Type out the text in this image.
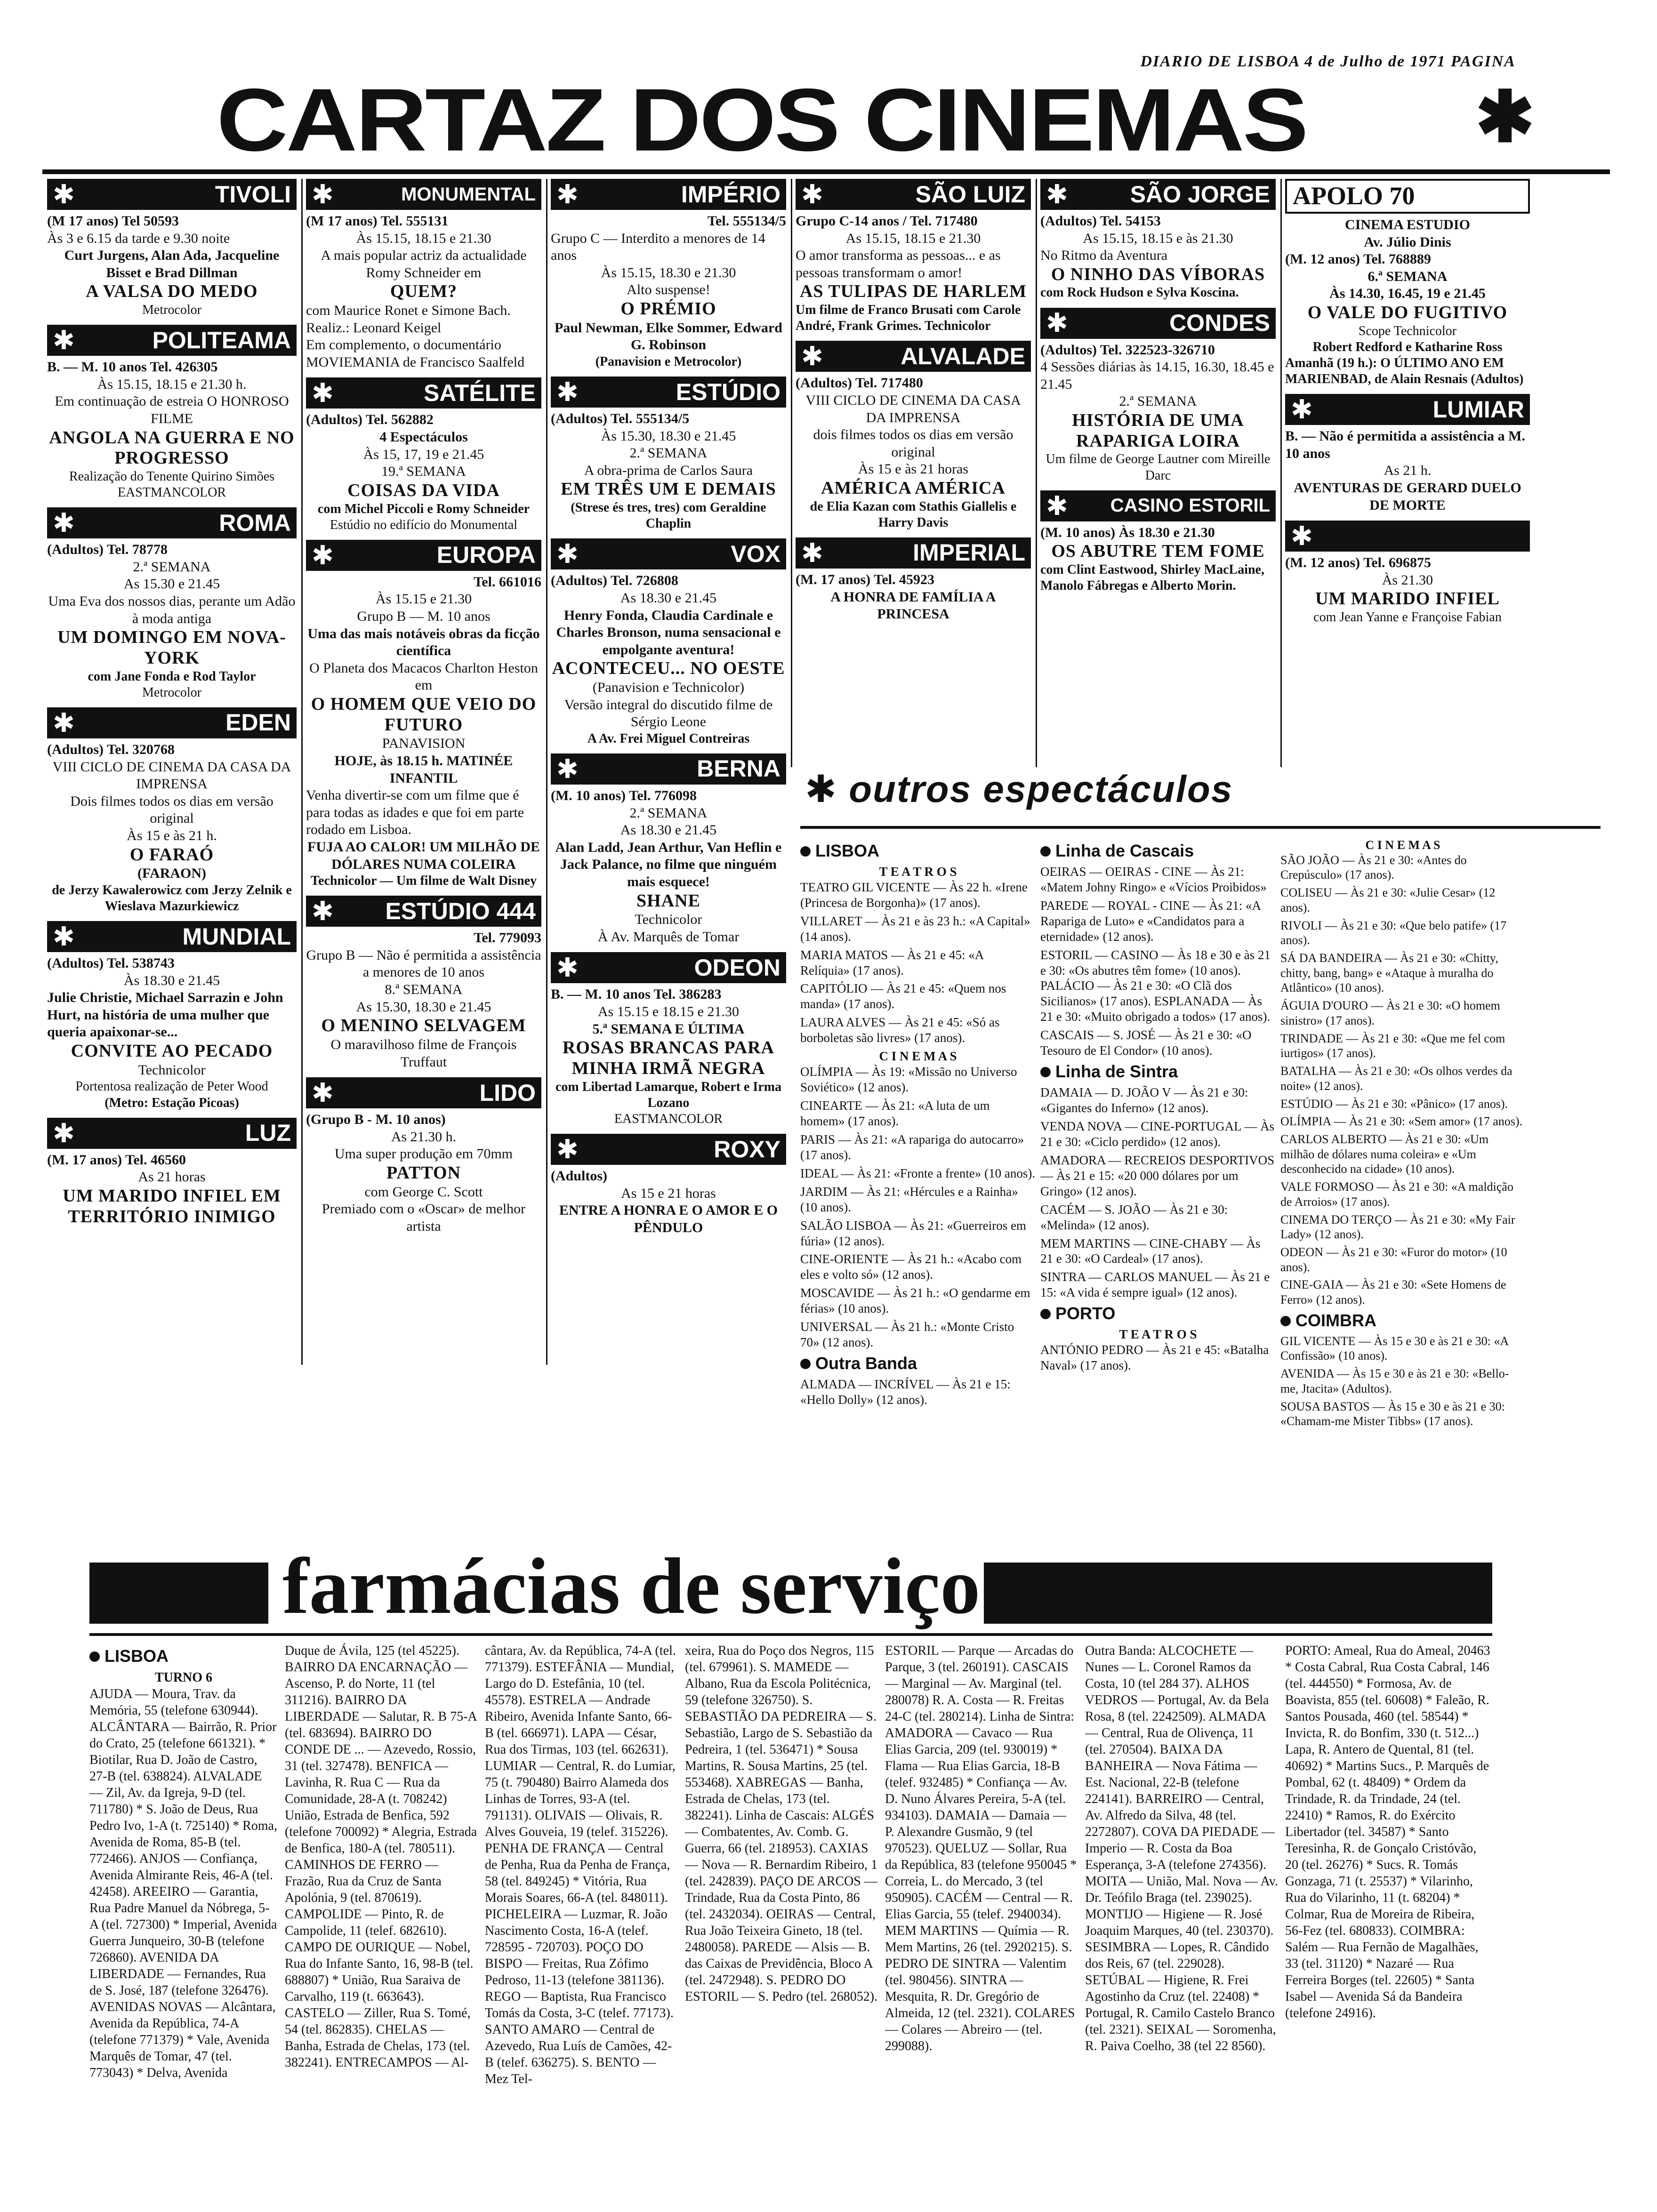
DIARIO DE LISBOA 4 de Julho de 1971 PAGINA
CARTAZ DOS CINEMAS ✱
✱	TIVOLI
(M 17 anos) Tel 50593
Às 3 e 6.15 da tarde e 9.30 noite
Curt Jurgens, Alan Ada, Jacqueline Bisset e Brad Dillman
A VALSA DO MEDO
Metrocolor
✱	POLITEAMA
B. — M. 10 anos Tel. 426305
Às 15.15, 18.15 e 21.30 h.
Em continuação de estreia O HONROSO FILME
ANGOLA NA GUERRA E NO PROGRESSO
Realização do Tenente Quirino Simões
EASTMANCOLOR
✱	ROMA
(Adultos) Tel. 78778
2.ª SEMANA
As 15.30 e 21.45
Uma Eva dos nossos dias, perante um Adão à moda antiga
UM DOMINGO EM NOVA-YORK
com Jane Fonda e Rod Taylor
Metrocolor
✱	EDEN
(Adultos) Tel. 320768
VIII CICLO DE CINEMA DA CASA DA IMPRENSA
Dois filmes todos os dias em versão original
Às 15 e às 21 h.
O FARAÓ
(FARAON)
de Jerzy Kawalerowicz com Jerzy Zelnik e Wieslava Mazurkiewicz
✱	MUNDIAL
(Adultos) Tel. 538743
Às 18.30 e 21.45
Julie Christie, Michael Sarrazin e John Hurt, na história de uma mulher que queria apaixonar-se...
CONVITE AO PECADO
Technicolor
Portentosa realização de Peter Wood
(Metro: Estação Picoas)
✱	LUZ
(M. 17 anos) Tel. 46560
As 21 horas
UM MARIDO INFIEL EM TERRITÓRIO INIMIGO
✱	MONUMENTAL
(M 17 anos) Tel. 555131
Às 15.15, 18.15 e 21.30
A mais popular actriz da actualidade Romy Schneider em
QUEM?
com Maurice Ronet e Simone Bach. Realiz.: Leonard Keigel
Em complemento, o documentário MOVIEMANIA de Francisco Saalfeld
✱	SATÉLITE
(Adultos) Tel. 562882
4 Espectáculos
Às 15, 17, 19 e 21.45
19.ª SEMANA
COISAS DA VIDA
com Michel Piccoli e Romy Schneider
Estúdio no edifício do Monumental
✱	EUROPA
Tel. 661016
Às 15.15 e 21.30
Grupo B — M. 10 anos
Uma das mais notáveis obras da ficção científica
O Planeta dos Macacos Charlton Heston em
O HOMEM QUE VEIO DO FUTURO
PANAVISION
HOJE, às 18.15 h. MATINÉE INFANTIL
Venha divertir-se com um filme que é para todas as idades e que foi em parte rodado em Lisboa.
FUJA AO CALOR! UM MILHÃO DE DÓLARES NUMA COLEIRA
Technicolor — Um filme de Walt Disney
✱ ESTÚDIO 444
Tel. 779093
Grupo B — Não é permitida a assistência a menores de 10 anos
8.ª SEMANA
As 15.30, 18.30 e 21.45
O MENINO SELVAGEM
O maravilhoso filme de François Truffaut
✱	LIDO
(Grupo B - M. 10 anos)
As 21.30 h.
Uma super produção em 70mm
PATTON
com George C. Scott
Premiado com o «Oscar» de melhor artista
✱	IMPÉRIO
Tel. 555134/5
Grupo C — Interdito a menores de 14 anos
Às 15.15, 18.30 e 21.30
Alto suspense!
O PRÉMIO
Paul Newman, Elke Sommer, Edward G. Robinson
(Panavision e Metrocolor)
✱	ESTÚDIO
(Adultos) Tel. 555134/5
Às 15.30, 18.30 e 21.45
2.ª SEMANA
A obra-prima de Carlos Saura
EM TRÊS UM E DEMAIS
(Strese és tres, tres) com Geraldine Chaplin
✱	VOX
(Adultos) Tel. 726808
As 18.30 e 21.45
Henry Fonda, Claudia Cardinale e Charles Bronson, numa sensacional e empolgante aventura!
ACONTECEU... NO OESTE
(Panavision e Technicolor)
Versão integral do discutido filme de Sérgio Leone
A Av. Frei Miguel Contreiras
✱	BERNA
(M. 10 anos) Tel. 776098
2.ª SEMANA
As 18.30 e 21.45
Alan Ladd, Jean Arthur, Van Heflin e Jack Palance, no filme que ninguém mais esquece!
SHANE
Technicolor
À Av. Marquês de Tomar
✱	ODEON
B. — M. 10 anos Tel. 386283
As 15.15 e 18.15 e 21.30
5.ª SEMANA E ÚLTIMA
ROSAS BRANCAS PARA MINHA IRMÃ NEGRA
com Libertad Lamarque, Robert e Irma Lozano
EASTMANCOLOR
✱	ROXY
(Adultos)
As 15 e 21 horas
ENTRE A HONRA E O AMOR E O PÊNDULO
✱	SÃO LUIZ
Grupo C-14 anos / Tel. 717480
As 15.15, 18.15 e 21.30
O amor transforma as pessoas... e as pessoas transformam o amor!
AS TULIPAS DE HARLEM
Um filme de Franco Brusati com Carole André, Frank Grimes. Technicolor
✱	ALVALADE
(Adultos) Tel. 717480
VIII CICLO DE CINEMA DA CASA DA IMPRENSA
dois filmes todos os dias em versão original
Às 15 e às 21 horas
AMÉRICA AMÉRICA
de Elia Kazan com Stathis Giallelis e Harry Davis
✱	IMPERIAL
(M. 17 anos) Tel. 45923
A HONRA DE FAMÍLIA A PRINCESA
✱	SÃO JORGE
(Adultos) Tel. 54153
As 15.15, 18.15 e às 21.30
No Ritmo da Aventura
O NINHO DAS VÍBORAS
com Rock Hudson e Sylva Koscina.
✱	CONDES
(Adultos) Tel. 322523-326710
4 Sessões diárias às 14.15, 16.30, 18.45 e 21.45
2.ª SEMANA
HISTÓRIA DE UMA RAPARIGA LOIRA
Um filme de George Lautner com Mireille Darc
✱ CASINO ESTORIL
(M. 10 anos) Às 18.30 e 21.30
OS ABUTRE TEM FOME
com Clint Eastwood, Shirley MacLaine, Manolo Fábregas e Alberto Morin.
APOLO 70
CINEMA ESTUDIO
Av. Júlio Dinis
(M. 12 anos) Tel. 768889
6.ª SEMANA
Às 14.30, 16.45, 19 e 21.45
O VALE DO FUGITIVO
Scope Technicolor
Robert Redford e Katharine Ross
Amanhã (19 h.): O ÚLTIMO ANO EM MARIENBAD, de Alain Resnais (Adultos)
✱	LUMIAR
B. — Não é permitida a assistência a M. 10 anos
As 21 h.
AVENTURAS DE GERARD DUELO DE MORTE
✱
(M. 12 anos) Tel. 696875
Às 21.30
UM MARIDO INFIEL
com Jean Yanne e Françoise Fabian
✱ outros espectáculos
LISBOA
T E A T R O S
TEATRO GIL VICENTE — Às 22 h. «Irene (Princesa de Borgonha)» (17 anos).
VILLARET — Às 21 e às 23 h.: «A Capital» (14 anos).
MARIA MATOS — Às 21 e 45: «A Relíquia» (17 anos).
CAPITÓLIO — Às 21 e 45: «Quem nos manda» (17 anos).
LAURA ALVES — Às 21 e 45: «Só as borboletas são livres» (17 anos).
C I N E M A S
OLÍMPIA — Às 19: «Missão no Universo Soviético» (12 anos).
CINEARTE — Às 21: «A luta de um homem» (17 anos).
PARIS — Às 21: «A rapariga do autocarro» (17 anos).
IDEAL — Às 21: «Fronte a frente» (10 anos).
JARDIM — Às 21: «Hércules e a Rainha» (10 anos).
SALÃO LISBOA — Às 21: «Guerreiros em fúria» (12 anos).
CINE-ORIENTE — Às 21 h.: «Acabo com eles e volto só» (12 anos).
MOSCAVIDE — Às 21 h.: «O gendarme em férias» (10 anos).
UNIVERSAL — Às 21 h.: «Monte Cristo 70» (12 anos).
Outra Banda
ALMADA — INCRÍVEL — Às 21 e 15: «Hello Dolly» (12 anos).
Linha de Cascais
OEIRAS — OEIRAS - CINE — Às 21: «Matem Johny Ringo» e «Vícios Proibidos»
PAREDE — ROYAL - CINE — Às 21: «A Rapariga de Luto» e «Candidatos para a eternidade» (12 anos).
ESTORIL — CASINO — Às 18 e 30 e às 21 e 30: «Os abutres têm fome» (10 anos). PALÁCIO — Às 21 e 30: «O Clã dos Sicilianos» (17 anos). ESPLANADA — Às 21 e 30: «Muito obrigado a todos» (17 anos).
CASCAIS — S. JOSÉ — Às 21 e 30: «O Tesouro de El Condor» (10 anos).
Linha de Sintra
DAMAIA — D. JOÃO V — Às 21 e 30: «Gigantes do Inferno» (12 anos).
VENDA NOVA — CINE-PORTUGAL — Às 21 e 30: «Ciclo perdido» (12 anos).
AMADORA — RECREIOS DESPORTIVOS — Às 21 e 15: «20 000 dólares por um Gringo» (12 anos).
CACÉM — S. JOÃO — Às 21 e 30: «Melinda» (12 anos).
MEM MARTINS — CINE-CHABY — Às 21 e 30: «O Cardeal» (17 anos).
SINTRA — CARLOS MANUEL — Às 21 e 15: «A vida é sempre igual» (12 anos).
PORTO
T E A T R O S
ANTÓNIO PEDRO — Às 21 e 45: «Batalha Naval» (17 anos).
C I N E M A S
SÃO JOÃO — Às 21 e 30: «Antes do Crepúsculo» (17 anos).
COLISEU — Às 21 e 30: «Julie Cesar» (12 anos).
RIVOLI — Às 21 e 30: «Que belo patife» (17 anos).
SÁ DA BANDEIRA — Às 21 e 30: «Chitty, chitty, bang, bang» e «Ataque à muralha do Atlântico» (10 anos).
ÁGUIA D'OURO — Às 21 e 30: «O homem sinistro» (17 anos).
TRINDADE — Às 21 e 30: «Que me fel com iurtigos» (17 anos).
BATALHA — Às 21 e 30: «Os olhos verdes da noite» (12 anos).
ESTÚDIO — Às 21 e 30: «Pânico» (17 anos).
OLÍMPIA — Às 21 e 30: «Sem amor» (17 anos).
CARLOS ALBERTO — Às 21 e 30: «Um milhão de dólares numa coleira» e «Um desconhecido na cidade» (10 anos).
VALE FORMOSO — Às 21 e 30: «A maldição de Arroios» (17 anos).
CINEMA DO TERÇO — Às 21 e 30: «My Fair Lady» (12 anos).
ODEON — Às 21 e 30: «Furor do motor» (10 anos).
CINE-GAIA — Às 21 e 30: «Sete Homens de Ferro» (12 anos).
COIMBRA
GIL VICENTE — Às 15 e 30 e às 21 e 30: «A Confissão» (10 anos).
AVENIDA — Às 15 e 30 e às 21 e 30: «Bello-me, Jtacita» (Adultos).
SOUSA BASTOS — Às 15 e 30 e às 21 e 30: «Chamam-me Mister Tibbs» (17 anos).
farmácias de serviço
LISBOA
TURNO 6
AJUDA — Moura, Trav. da Memória, 55 (telefone 630944). ALCÂNTARA — Bairrão, R. Prior do Crato, 25 (telefone 661321). * Biotilar, Rua D. João de Castro, 27-B (tel. 638824). ALVALADE — Zil, Av. da Igreja, 9-D (tel. 711780) * S. João de Deus, Rua Pedro Ivo, 1-A (t. 725140) * Roma, Avenida de Roma, 85-B (tel. 772466). ANJOS — Confiança, Avenida Almirante Reis, 46-A (tel. 42458). AREEIRO — Garantia, Rua Padre Manuel da Nóbrega, 5-A (tel. 727300) * Imperial, Avenida Guerra Junqueiro, 30-B (telefone 726860). AVENIDA DA LIBERDADE — Fernandes, Rua de S. José, 187 (telefone 326476). AVENIDAS NOVAS — Alcântara, Avenida da República, 74-A (telefone 771379) * Vale, Avenida Marquês de Tomar, 47 (tel. 773043) * Delva, Avenida
Duque de Ávila, 125 (tel 45225). BAIRRO DA ENCARNAÇÃO — Ascenso, P. do Norte, 11 (tel 311216). BAIRRO DA LIBERDADE — Salutar, R. B 75-A (tel. 683694). BAIRRO DO CONDE DE ... — Azevedo, Rossio, 31 (tel. 327478). BENFICA — Lavinha, R. Rua C — Rua da Comunidade, 28-A (t. 708242) União, Estrada de Benfica, 592 (telefone 700092) * Alegria, Estrada de Benfica, 180-A (tel. 780511). CAMINHOS DE FERRO — Frazão, Rua da Cruz de Santa Apolónia, 9 (tel. 870619). CAMPOLIDE — Pinto, R. de Campolide, 11 (telef. 682610). CAMPO DE OURIQUE — Nobel, Rua do Infante Santo, 16, 98-B (tel. 688807) * União, Rua Saraiva de Carvalho, 119 (t. 663643). CASTELO — Ziller, Rua S. Tomé, 54 (tel. 862835). CHELAS — Banha, Estrada de Chelas, 173 (tel. 382241). ENTRECAMPOS — Al-
cântara, Av. da República, 74-A (tel. 771379). ESTEFÂNIA — Mundial, Largo do D. Estefânia, 10 (tel. 45578). ESTRELA — Andrade Ribeiro, Avenida Infante Santo, 66-B (tel. 666971). LAPA — César, Rua dos Tirmas, 103 (tel. 662631). LUMIAR — Central, R. do Lumiar, 75 (t. 790480) Bairro Alameda dos Linhas de Torres, 93-A (tel. 791131). OLIVAIS — Olivais, R. Alves Gouveia, 19 (telef. 315226). PENHA DE FRANÇA — Central de Penha, Rua da Penha de França, 58 (tel. 849245) * Vitória, Rua Morais Soares, 66-A (tel. 848011). PICHELEIRA — Luzmar, R. João Nascimento Costa, 16-A (telef. 728595 - 720703). POÇO DO BISPO — Freitas, Rua Zófimo Pedroso, 11-13 (telefone 381136). REGO — Baptista, Rua Francisco Tomás da Costa, 3-C (telef. 77173). SANTO AMARO — Central de Azevedo, Rua Luís de Camões, 42-B (telef. 636275). S. BENTO — Mez Tel-
xeira, Rua do Poço dos Negros, 115 (tel. 679961). S. MAMEDE — Albano, Rua da Escola Politécnica, 59 (telefone 326750). S. SEBASTIÃO DA PEDREIRA — S. Sebastião, Largo de S. Sebastião da Pedreira, 1 (tel. 536471) * Sousa Martins, R. Sousa Martins, 25 (tel. 553468). XABREGAS — Banha, Estrada de Chelas, 173 (tel. 382241). Linha de Cascais: ALGÉS — Combatentes, Av. Comb. G. Guerra, 66 (tel. 218953). CAXIAS — Nova — R. Bernardim Ribeiro, 1 (tel. 242839). PAÇO DE ARCOS — Trindade, Rua da Costa Pinto, 86 (tel. 2432034). OEIRAS — Central, Rua João Teixeira Gineto, 18 (tel. 2480058). PAREDE — Alsis — B. das Caixas de Previdência, Bloco A (tel. 2472948). S. PEDRO DO ESTORIL — S. Pedro (tel. 268052).
ESTORIL — Parque — Arcadas do Parque, 3 (tel. 260191). CASCAIS — Marginal — Av. Marginal (tel. 280078) R. A. Costa — R. Freitas 24-C (tel. 280214). Linha de Sintra: AMADORA — Cavaco — Rua Elias Garcia, 209 (tel. 930019) * Flama — Rua Elias Garcia, 18-B (telef. 932485) * Confiança — Av. D. Nuno Álvares Pereira, 5-A (tel. 934103). DAMAIA — Damaia — P. Alexandre Gusmão, 9 (tel 970523). QUELUZ — Sollar, Rua da República, 83 (telefone 950045 * Correia, L. do Mercado, 3 (tel 950905). CACÉM — Central — R. Elias Garcia, 55 (telef. 2940034). MEM MARTINS — Químia — R. Mem Martins, 26 (tel. 2920215). S. PEDRO DE SINTRA — Valentim (tel. 980456). SINTRA — Mesquita, R. Dr. Gregório de Almeida, 12 (tel. 2321). COLARES — Colares — Abreiro — (tel. 299088).
Outra Banda: ALCOCHETE — Nunes — L. Coronel Ramos da Costa, 10 (tel 284 37). ALHOS VEDROS — Portugal, Av. da Bela Rosa, 8 (tel. 2242509). ALMADA — Central, Rua de Olivença, 11 (tel. 270504). BAIXA DA BANHEIRA — Nova Fátima — Est. Nacional, 22-B (telefone 224141). BARREIRO — Central, Av. Alfredo da Silva, 48 (tel. 2272807). COVA DA PIEDADE — Imperio — R. Costa da Boa Esperança, 3-A (telefone 274356). MOITA — União, Mal. Nova — Av. Dr. Teófilo Braga (tel. 239025). MONTIJO — Higiene — R. José Joaquim Marques, 40 (tel. 230370). SESIMBRA — Lopes, R. Cândido dos Reis, 67 (tel. 229028). SETÚBAL — Higiene, R. Frei Agostinho da Cruz (tel. 22408) * Portugal, R. Camilo Castelo Branco (tel. 2321). SEIXAL — Soromenha, R. Paiva Coelho, 38 (tel 22 8560).
PORTO: Ameal, Rua do Ameal, 20463 * Costa Cabral, Rua Costa Cabral, 146 (tel. 444550) * Formosa, Av. de Boavista, 855 (tel. 60608) * Faleão, R. Santos Pousada, 460 (tel. 58544) * Invicta, R. do Bonfim, 330 (t. 512...) Lapa, R. Antero de Quental, 81 (tel. 40692) * Martins Sucs., P. Marquês de Pombal, 62 (t. 48409) * Ordem da Trindade, R. da Trindade, 24 (tel. 22410) * Ramos, R. do Exército Libertador (tel. 34587) * Santo Teresinha, R. de Gonçalo Cristóvão, 20 (tel. 26276) * Sucs. R. Tomás Gonzaga, 71 (t. 25537) * Vilarinho, Rua do Vilarinho, 11 (t. 68204) * Colmar, Rua de Moreira de Ribeira, 56-Fez (tel. 680833). COIMBRA: Salém — Rua Fernão de Magalhães, 33 (tel. 31120) * Nazaré — Rua Ferreira Borges (tel. 22605) * Santa Isabel — Avenida Sá da Bandeira (telefone 24916).
